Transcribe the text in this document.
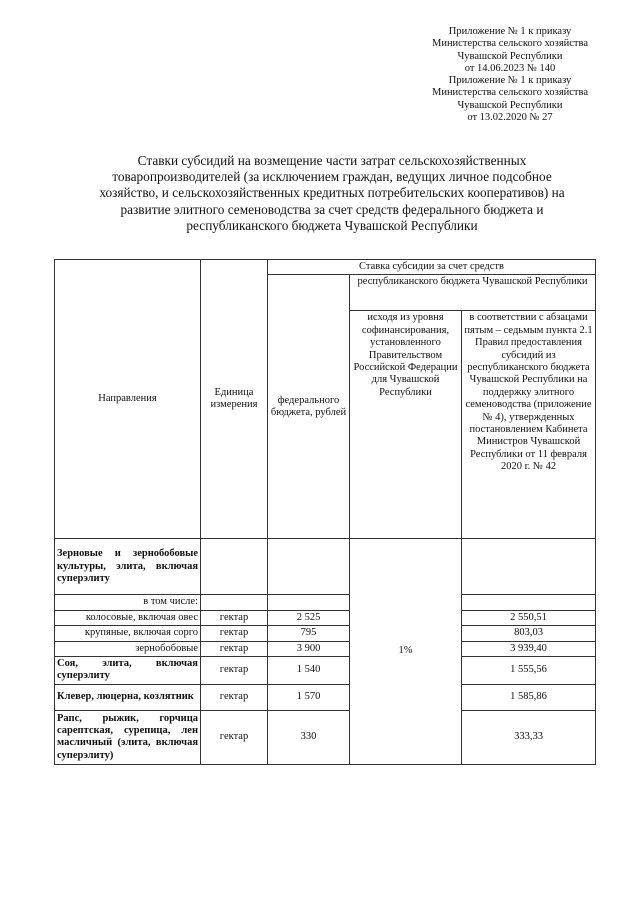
Приложение № 1 к приказу
Министерства сельского хозяйства
Чувашской Республики
от 14.06.2023 № 140
Приложение № 1 к приказу
Министерства сельского хозяйства
Чувашской Республики
от 13.02.2020 № 27
Ставки субсидий на возмещение части затрат сельскохозяйственных товаропроизводителей (за исключением граждан, ведущих личное подсобное хозяйство, и сельскохозяйственных кредитных потребительских кооперативов) на развитие элитного семеноводства за счет средств федерального бюджета и республиканского бюджета Чувашской Республики
Направления	Единица измерения	Ставка субсидии за счет средств		
		федерального бюджета, рублей	республиканского бюджета Чувашской Республики	
			исходя из уровня софинансирования, установленного Правительством Российской Федерации для Чувашской Республики	в соответствии с абзацами пятым – седьмым пункта 2.1 Правил предоставления субсидий из республиканского бюджета Чувашской Республики на поддержку элитного семеноводства (приложение № 4), утвержденных постановлением Кабинета Министров Чувашской Республики от 11 февраля 2020 г. № 42
Зерновые и зернобобовые культуры, элита, включая суперэлиту			1%	
в том числе:				
колосовые, включая овес	гектар	2 525		2 550,51
крупяные, включая сорго	гектар	795		803,03
зернобобовые	гектар	3 900		3 939,40
Соя, элита, включая суперэлиту	гектар	1 540		1 555,56
Клевер, люцерна, козлятник	гектар	1 570		1 585,86
Рапс, рыжик, горчица сарептская, сурепица, лен масличный (элита, включая суперэлиту)	гектар	330		333,33
